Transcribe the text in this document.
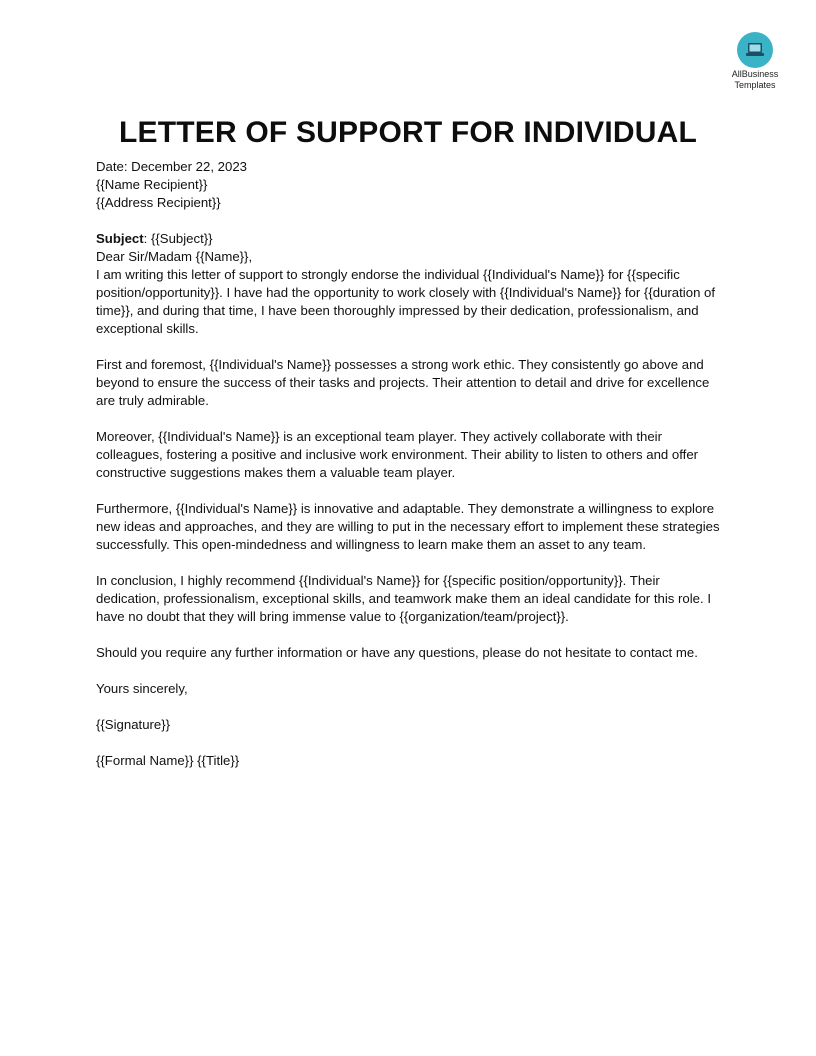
AllBusiness
Templates
LETTER OF SUPPORT FOR INDIVIDUAL

Date: December 22, 2023

{{Name Recipient}}

{{Address Recipient}}

Subject: {{Subject}}

Dear Sir/Madam {{Name}},

I am writing this letter of support to strongly endorse the individual {{Individual's Name}} for {{specific position/opportunity}}. I have had the opportunity to work closely with {{Individual's Name}} for {{duration of time}}, and during that time, I have been thoroughly impressed by their dedication, professionalism, and exceptional skills.

First and foremost, {{Individual's Name}} possesses a strong work ethic. They consistently go above and beyond to ensure the success of their tasks and projects. Their attention to detail and drive for excellence are truly admirable.

Moreover, {{Individual's Name}} is an exceptional team player. They actively collaborate with their colleagues, fostering a positive and inclusive work environment. Their ability to listen to others and offer constructive suggestions makes them a valuable team player.

Furthermore, {{Individual's Name}} is innovative and adaptable. They demonstrate a willingness to explore new ideas and approaches, and they are willing to put in the necessary effort to implement these strategies successfully. This open-mindedness and willingness to learn make them an asset to any team.

In conclusion, I highly recommend {{Individual's Name}} for {{specific position/opportunity}}. Their dedication, professionalism, exceptional skills, and teamwork make them an ideal candidate for this role. I have no doubt that they will bring immense value to {{organization/team/project}}.

Should you require any further information or have any questions, please do not hesitate to contact me.

Yours sincerely,

{{Signature}}

{{Formal Name}} {{Title}}
